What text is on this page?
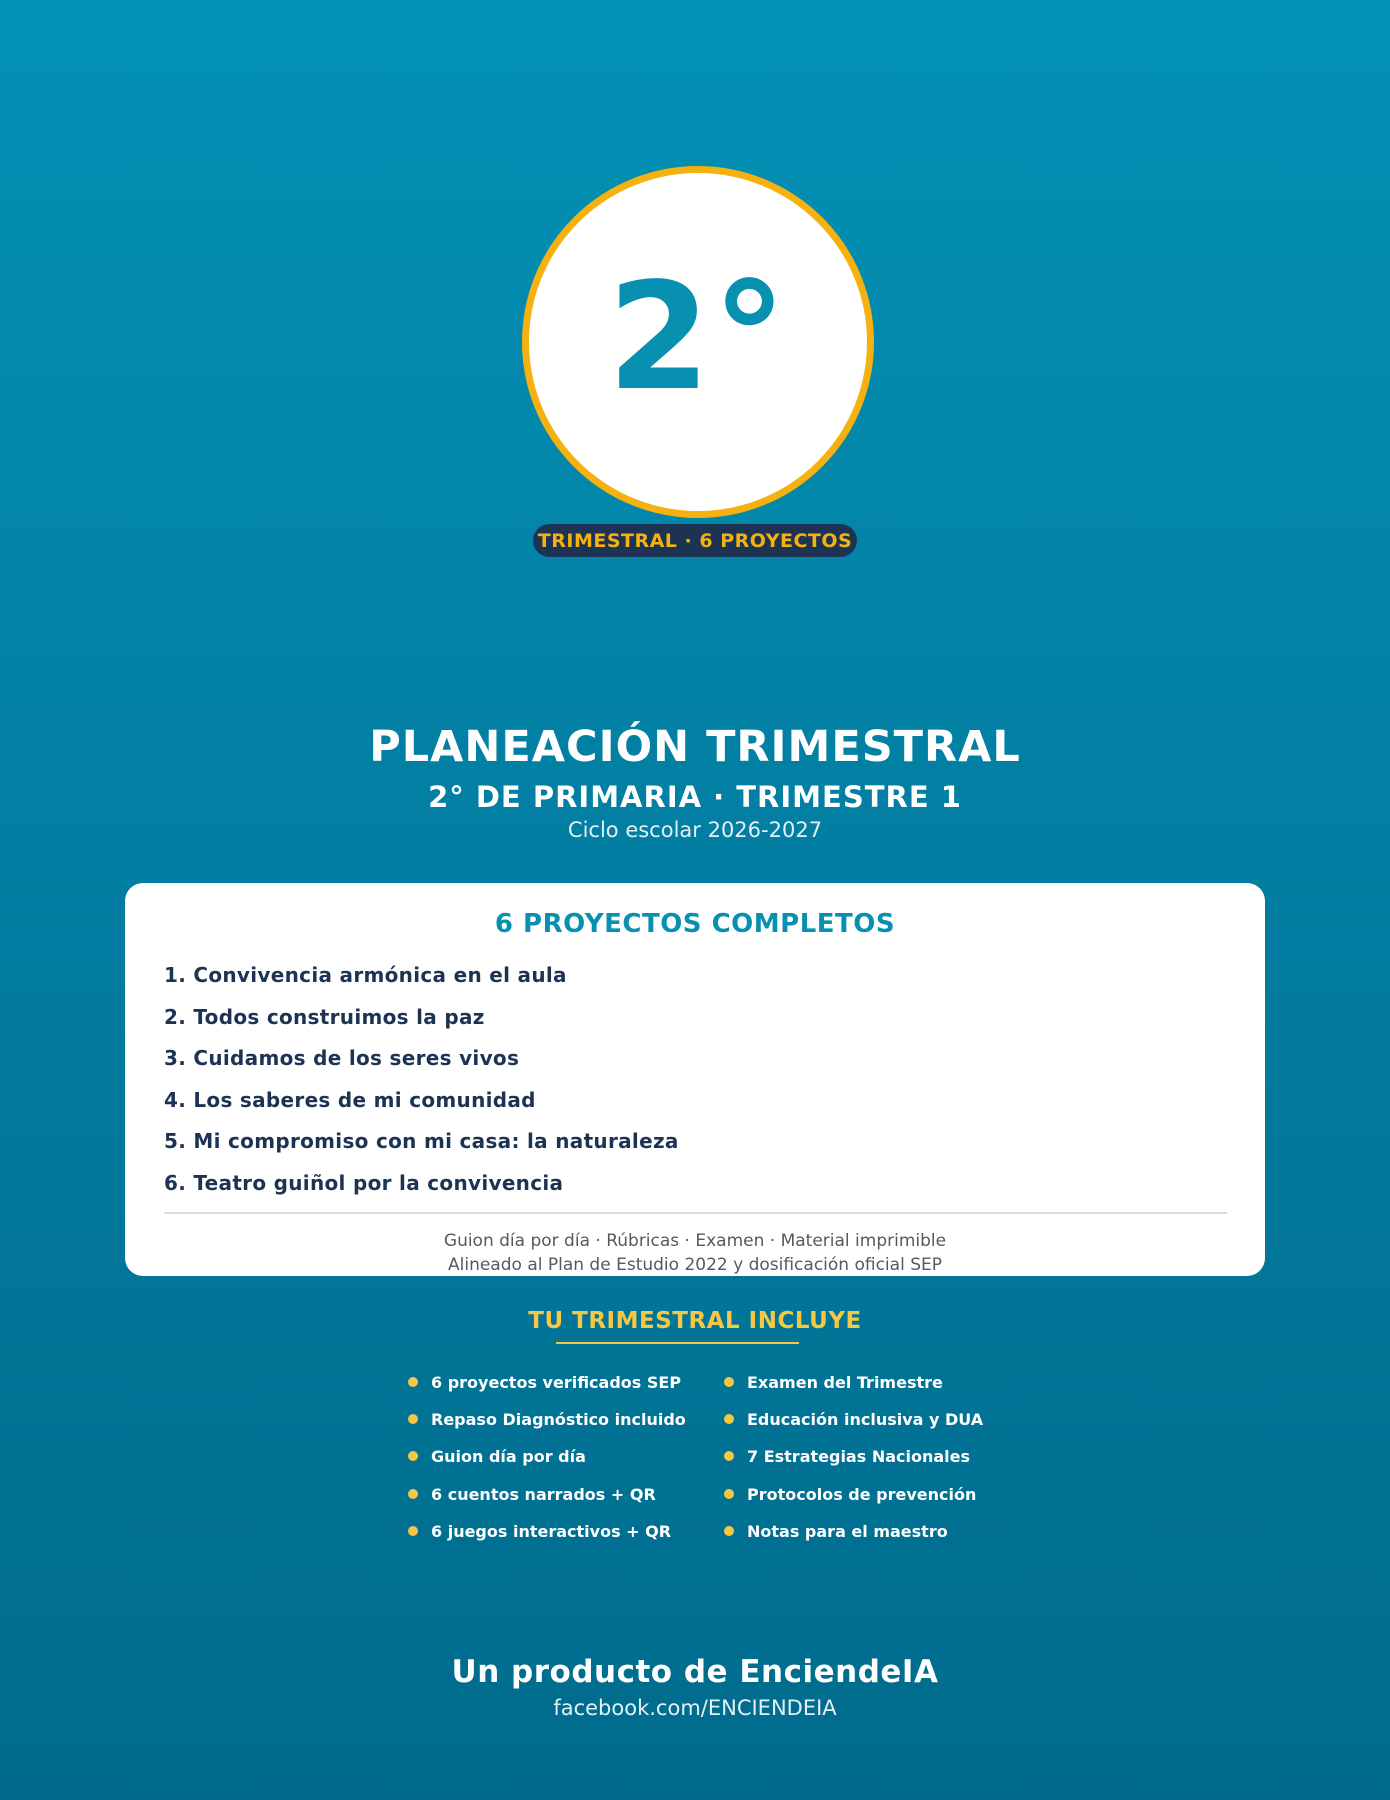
2°
TRIMESTRAL · 6 PROYECTOS
PLANEACIÓN TRIMESTRAL
2° DE PRIMARIA · TRIMESTRE 1
Ciclo escolar 2026-2027
6 PROYECTOS COMPLETOS
1. Convivencia armónica en el aula
2. Todos construimos la paz
3. Cuidamos de los seres vivos
4. Los saberes de mi comunidad
5. Mi compromiso con mi casa: la naturaleza
6. Teatro guiñol por la convivencia
Guion día por día · Rúbricas · Examen · Material imprimible
Alineado al Plan de Estudio 2022 y dosificación oficial SEP
TU TRIMESTRAL INCLUYE
6 proyectos verificados SEP
Repaso Diagnóstico incluido
Guion día por día
6 cuentos narrados + QR
6 juegos interactivos + QR
Examen del Trimestre
Educación inclusiva y DUA
7 Estrategias Nacionales
Protocolos de prevención
Notas para el maestro
Un producto de EnciendeIA
facebook.com/ENCIENDEIA
